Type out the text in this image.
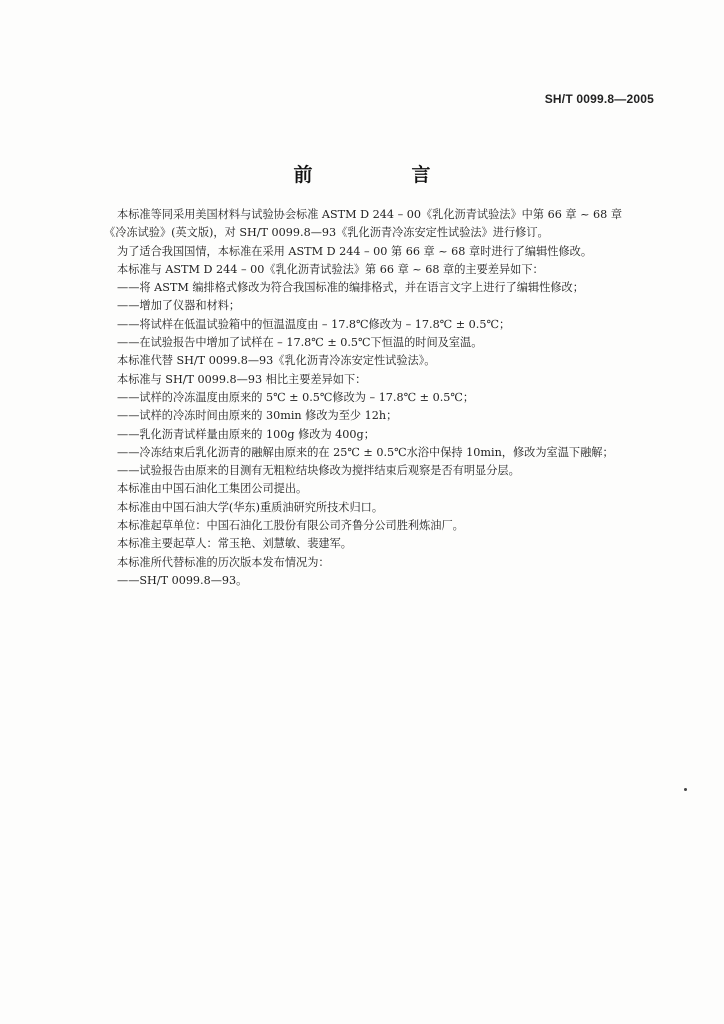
SH/T 0099.8—2005
前　言
本标准等同采用美国材料与试验协会标准 ASTM D 244 – 00《乳化沥青试验法》中第 66 章 ~ 68 章
《冷冻试验》(英文版)，对 SH/T 0099.8—93《乳化沥青冷冻安定性试验法》进行修订。
为了适合我国国情，本标准在采用 ASTM D 244 – 00 第 66 章 ~ 68 章时进行了编辑性修改。
本标准与 ASTM D 244 – 00《乳化沥青试验法》第 66 章 ~ 68 章的主要差异如下：
——将 ASTM 编排格式修改为符合我国标准的编排格式，并在语言文字上进行了编辑性修改；
——增加了仪器和材料；
——将试样在低温试验箱中的恒温温度由 – 17.8℃修改为 – 17.8℃ ± 0.5℃；
——在试验报告中增加了试样在 – 17.8℃ ± 0.5℃下恒温的时间及室温。
本标准代替 SH/T 0099.8—93《乳化沥青冷冻安定性试验法》。
本标准与 SH/T 0099.8—93 相比主要差异如下：
——试样的冷冻温度由原来的 5℃ ± 0.5℃修改为 – 17.8℃ ± 0.5℃；
——试样的冷冻时间由原来的 30min 修改为至少 12h；
——乳化沥青试样量由原来的 100g 修改为 400g；
——冷冻结束后乳化沥青的融解由原来的在 25℃ ± 0.5℃水浴中保持 10min，修改为室温下融解；
——试验报告由原来的目测有无粗粒结块修改为搅拌结束后观察是否有明显分层。
本标准由中国石油化工集团公司提出。
本标准由中国石油大学(华东)重质油研究所技术归口。
本标准起草单位：中国石油化工股份有限公司齐鲁分公司胜利炼油厂。
本标准主要起草人：常玉艳、刘慧敏、裴建军。
本标准所代替标准的历次版本发布情况为：
——SH/T 0099.8—93。
